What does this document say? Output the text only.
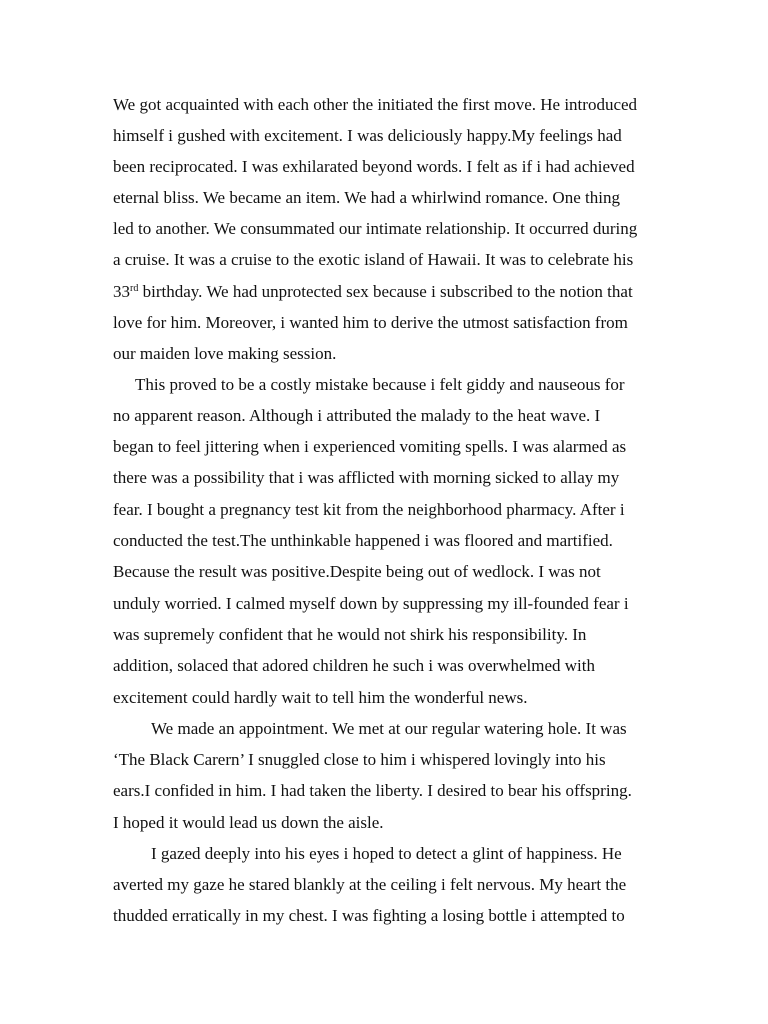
We got acquainted with each other the initiated the first move. He introduced
himself i gushed with excitement. I was deliciously happy.My feelings had
been reciprocated. I was exhilarated beyond words. I felt as if i had achieved
eternal bliss. We became an item. We had a whirlwind romance. One thing
led to another. We consummated our intimate relationship. It occurred during
a cruise. It was a cruise to the exotic island of Hawaii. It was to celebrate his
33rd birthday. We had unprotected sex because i subscribed to the notion that
love for him. Moreover, i wanted him to derive the utmost satisfaction from
our maiden love making session.
This proved to be a costly mistake because i felt giddy and nauseous for
no apparent reason. Although i attributed the malady to the heat wave. I
began to feel jittering when i experienced vomiting spells. I was alarmed as
there was a possibility that i was afflicted with morning sicked to allay my
fear. I bought a pregnancy test kit from the neighborhood pharmacy. After i
conducted the test.The unthinkable happened i was floored and martified.
Because the result was positive.Despite being out of wedlock. I was not
unduly worried. I calmed myself down by suppressing my ill-founded fear i
was supremely confident that he would not shirk his responsibility. In
addition, solaced that adored children he such i was overwhelmed with
excitement could hardly wait to tell him the wonderful news.
We made an appointment. We met at our regular watering hole. It was
‘The Black Carern’ I snuggled close to him i whispered lovingly into his
ears.I confided in him. I had taken the liberty. I desired to bear his offspring.
I hoped it would lead us down the aisle.
I gazed deeply into his eyes i hoped to detect a glint of happiness. He
averted my gaze he stared blankly at the ceiling i felt nervous. My heart the
thudded erratically in my chest. I was fighting a losing bottle i attempted to
